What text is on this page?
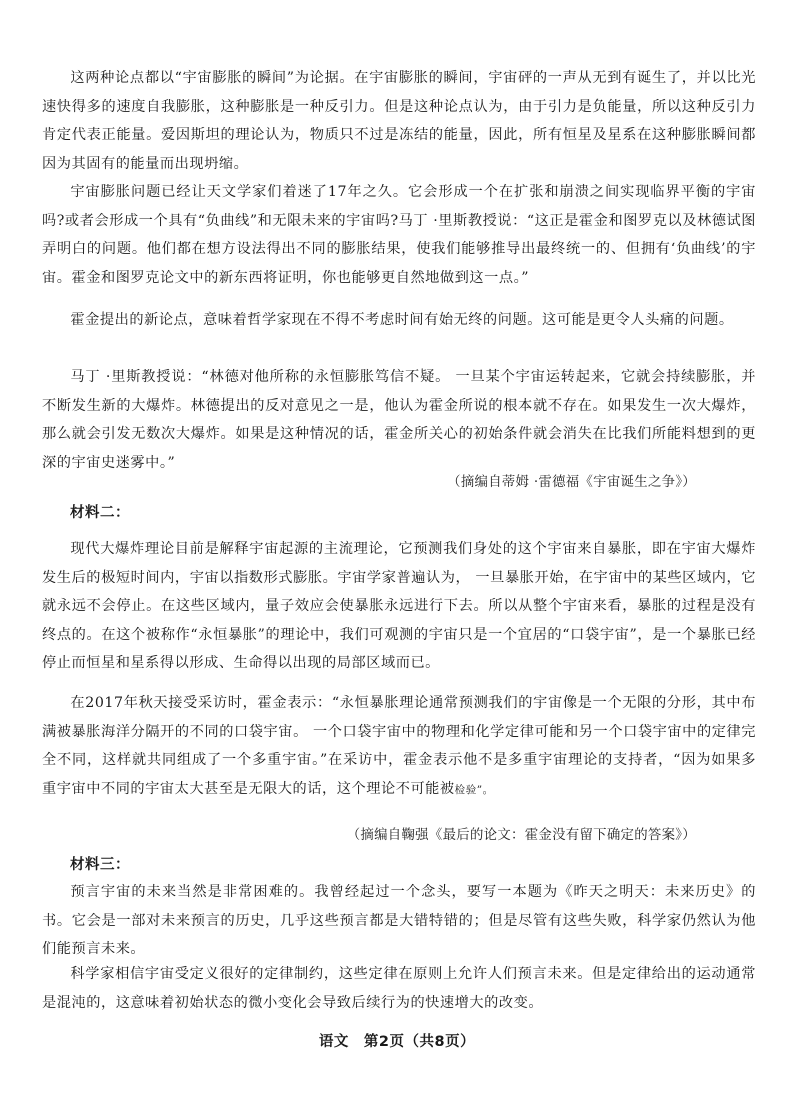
这两种论点都以“宇宙膨胀的瞬间”为论据。在宇宙膨胀的瞬间，宇宙砰的一声从无到有诞生了，并以比光速快得多的速度自我膨胀，这种膨胀是一种反引力。但是这种论点认为，由于引力是负能量，所以这种反引力肯定代表正能量。爱因斯坦的理论认为，物质只不过是冻结的能量，因此，所有恒星及星系在这种膨胀瞬间都因为其固有的能量而出现坍缩。

宇宙膨胀问题已经让天文学家们着迷了17年之久。它会形成一个在扩张和崩溃之间实现临界平衡的宇宙吗?或者会形成一个具有“负曲线”和无限未来的宇宙吗?马丁 ·里斯教授说：“这正是霍金和图罗克以及林德试图弄明白的问题。他们都在想方设法得出不同的膨胀结果，使我们能够推导出最终统一的、但拥有‘负曲线’的宇宙。霍金和图罗克论文中的新东西将证明，你也能够更自然地做到这一点。”

霍金提出的新论点，意味着哲学家现在不得不考虑时间有始无终的问题。这可能是更令人头痛的问题。

马丁 ·里斯教授说：“林德对他所称的永恒膨胀笃信不疑。 一旦某个宇宙运转起来，它就会持续膨胀，并不断发生新的大爆炸。林德提出的反对意见之一是，他认为霍金所说的根本就不存在。如果发生一次大爆炸，那么就会引发无数次大爆炸。如果是这种情况的话，霍金所关心的初始条件就会消失在比我们所能料想到的更深的宇宙史迷雾中。”

（摘编自蒂姆 ·雷德福《宇宙诞生之争》）
材料二：

现代大爆炸理论目前是解释宇宙起源的主流理论，它预测我们身处的这个宇宙来自暴胀，即在宇宙大爆炸发生后的极短时间内，宇宙以指数形式膨胀。宇宙学家普遍认为， 一旦暴胀开始，在宇宙中的某些区域内，它就永远不会停止。在这些区域内，量子效应会使暴胀永远进行下去。所以从整个宇宙来看，暴胀的过程是没有终点的。在这个被称作“永恒暴胀”的理论中，我们可观测的宇宙只是一个宜居的“口袋宇宙”，是一个暴胀已经停止而恒星和星系得以形成、生命得以出现的局部区域而已。

在2017年秋天接受采访时，霍金表示：“永恒暴胀理论通常预测我们的宇宙像是一个无限的分形，其中布满被暴胀海洋分隔开的不同的口袋宇宙。 一个口袋宇宙中的物理和化学定律可能和另一个口袋宇宙中的定律完全不同，这样就共同组成了一个多重宇宙。”在采访中，霍金表示他不是多重宇宙理论的支持者，“因为如果多重宇宙中不同的宇宙太大甚至是无限大的话，这个理论不可能被检验”。

（摘编自鞠强《最后的论文：霍金没有留下确定的答案》）
材料三：

预言宇宙的未来当然是非常困难的。我曾经起过一个念头，要写一本题为《昨天之明天：未来历史》的书。它会是一部对未来预言的历史，几乎这些预言都是大错特错的；但是尽管有这些失败，科学家仍然认为他们能预言未来。

科学家相信宇宙受定义很好的定律制约，这些定律在原则上允许人们预言未来。但是定律给出的运动通常是混沌的，这意味着初始状态的微小变化会导致后续行为的快速增大的改变。

语文　第2页（共8页）
